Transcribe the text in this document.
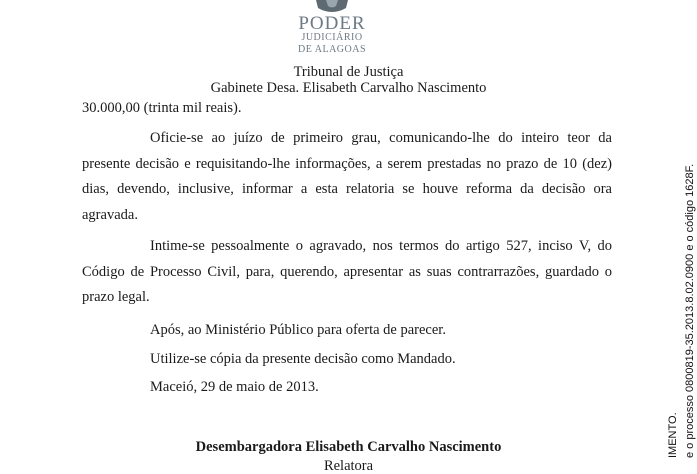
PODER
JUDICIÁRIO
DE ALAGOAS
Tribunal de Justiça
Gabinete Desa. Elisabeth Carvalho Nascimento

30.000,00 (trinta mil reais).

Oficie-se ao juízo de primeiro grau, comunicando-lhe do inteiro teor da presente decisão e requisitando-lhe informações, a serem prestadas no prazo de 10 (dez) dias, devendo, inclusive, informar a esta relatoria se houve reforma da decisão ora agravada.

Intime-se pessoalmente o agravado, nos termos do artigo 527, inciso V, do Código de Processo Civil, para, querendo, apresentar as suas contrarrazões, guardado o prazo legal.

Após, ao Ministério Público para oferta de parecer.
Utilize-se cópia da presente decisão como Mandado.
Maceió, 29 de maio de 2013.
Desembargadora Elisabeth Carvalho Nascimento
Relatora
IMENTO. e o processo 0800819-35.2013.8.02.0900 e o código 1628F.
